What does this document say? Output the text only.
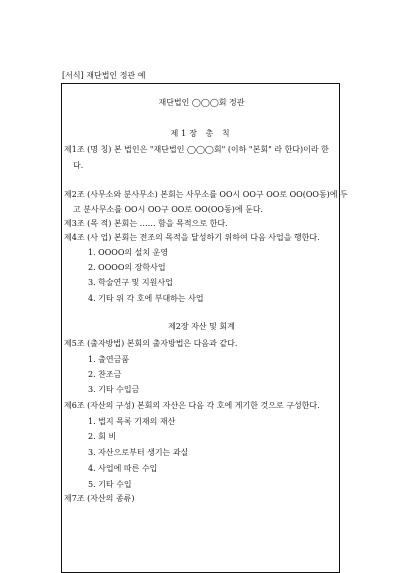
[서식] 재단법인 정관 예
재단법인 ◯◯◯회 정관
제1장 총 칙
제1조 (명 칭) 본 법인은 "재단법인 ◯◯◯회" (이하 "본회" 라 한다)이라 한
다.
제2조 (사무소와 분사무소) 본회는 사무소를 OO시 OO구 OO로 OO(OO동)에 두
고 분사무소를 OO시 OO구 OO로 OO(OO동)에 둔다.
제3조 (목 적) 본회는 …… 함을 목적으로 한다.
제4조 (사 업) 본회는 전조의 목적을 달성하기 위하여 다음 사업을 행한다.
1. OOOO의 설치 운영
2. OOOO의 장학사업
3. 학술연구 및 지원사업
4. 기타 위 각 호에 부대하는 사업
제2장 자산 및 회계
제5조 (출자방법) 본회의 출자방법은 다음과 같다.
1. 출연금품
2. 찬조금
3. 기타 수입금
제6조 (자산의 구성) 본회의 자산은 다음 각 호에 게기한 것으로 구성한다.
1. 법지 목록 기재의 재산
2. 회 비
3. 자산으로부터 생기는 과실
4. 사업에 따른 수입
5. 기타 수입
제7조 (자산의 종류)
